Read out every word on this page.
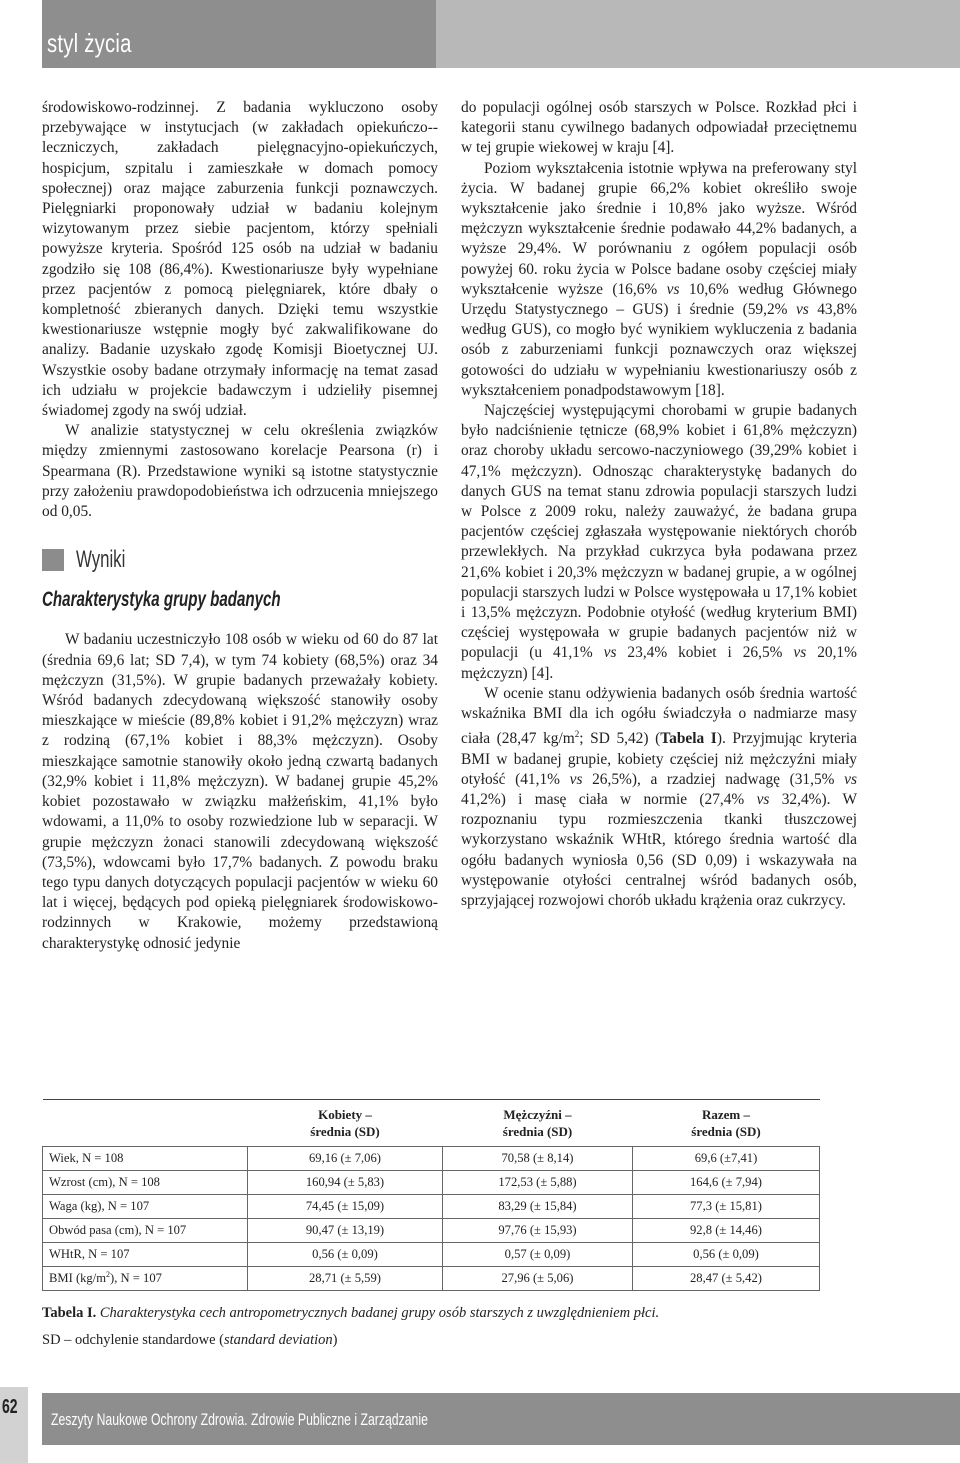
styl życia

środowiskowo-rodzinnej. Z badania wykluczono osoby przebywające w instytucjach (w zakładach opiekuńczo--leczniczych, zakładach pielęgnacyjno-opiekuńczych, hospicjum, szpitalu i zamieszkałe w domach pomocy społecznej) oraz mające zaburzenia funkcji poznawczych. Pielęgniarki proponowały udział w badaniu kolejnym wizytowanym przez siebie pacjentom, którzy spełniali powyższe kryteria. Spośród 125 osób na udział w badaniu zgodziło się 108 (86,4%). Kwestionariusze były wypełniane przez pacjentów z pomocą pielęgniarek, które dbały o kompletność zbieranych danych. Dzięki temu wszystkie kwestionariusze wstępnie mogły być zakwalifikowane do analizy. Badanie uzyskało zgodę Komisji Bioetycznej UJ. Wszystkie osoby badane otrzymały informację na temat zasad ich udziału w projekcie badawczym i udzieliły pisemnej świadomej zgody na swój udział.

W analizie statystycznej w celu określenia związków między zmiennymi zastosowano korelacje Pearsona (r) i Spearmana (R). Przedstawione wyniki są istotne statystycznie przy założeniu prawdopodobieństwa ich odrzucenia mniejszego od 0,05.

Wyniki
Charakterystyka grupy badanych

W badaniu uczestniczyło 108 osób w wieku od 60 do 87 lat (średnia 69,6 lat; SD 7,4), w tym 74 kobiety (68,5%) oraz 34 mężczyzn (31,5%). W grupie badanych przeważały kobiety. Wśród badanych zdecydowaną większość stanowiły osoby mieszkające w mieście (89,8% kobiet i 91,2% mężczyzn) wraz z rodziną (67,1% kobiet i 88,3% mężczyzn). Osoby mieszkające samotnie stanowiły około jedną czwartą badanych (32,9% kobiet i 11,8% mężczyzn). W badanej grupie 45,2% kobiet pozostawało w związku małżeńskim, 41,1% było wdowami, a 11,0% to osoby rozwiedzione lub w separacji. W grupie mężczyzn żonaci stanowili zdecydowaną większość (73,5%), wdowcami było 17,7% badanych. Z powodu braku tego typu danych dotyczących populacji pacjentów w wieku 60 lat i więcej, będących pod opieką pielęgniarek środowiskowo-rodzinnych w Krakowie, możemy przedstawioną charakterystykę odnosić jedynie

do populacji ogólnej osób starszych w Polsce. Rozkład płci i kategorii stanu cywilnego badanych odpowiadał przeciętnemu w tej grupie wiekowej w kraju [4].

Poziom wykształcenia istotnie wpływa na preferowany styl życia. W badanej grupie 66,2% kobiet określiło swoje wykształcenie jako średnie i 10,8% jako wyższe. Wśród mężczyzn wykształcenie średnie podawało 44,2% badanych, a wyższe 29,4%. W porównaniu z ogółem populacji osób powyżej 60. roku życia w Polsce badane osoby częściej miały wykształcenie wyższe (16,6% vs 10,6% według Głównego Urzędu Statystycznego – GUS) i średnie (59,2% vs 43,8% według GUS), co mogło być wynikiem wykluczenia z badania osób z zaburzeniami funkcji poznawczych oraz większej gotowości do udziału w wypełnianiu kwestionariuszy osób z wykształceniem ponadpodstawowym [18].

Najczęściej występującymi chorobami w grupie badanych było nadciśnienie tętnicze (68,9% kobiet i 61,8% mężczyzn) oraz choroby układu sercowo-naczyniowego (39,29% kobiet i 47,1% mężczyzn). Odnosząc charakterystykę badanych do danych GUS na temat stanu zdrowia populacji starszych ludzi w Polsce z 2009 roku, należy zauważyć, że badana grupa pacjentów częściej zgłaszała występowanie niektórych chorób przewlekłych. Na przykład cukrzyca była podawana przez 21,6% kobiet i 20,3% mężczyzn w badanej grupie, a w ogólnej populacji starszych ludzi w Polsce występowała u 17,1% kobiet i 13,5% mężczyzn. Podobnie otyłość (według kryterium BMI) częściej występowała w grupie badanych pacjentów niż w populacji (u 41,1% vs 23,4% kobiet i 26,5% vs 20,1% mężczyzn) [4].

W ocenie stanu odżywienia badanych osób średnia wartość wskaźnika BMI dla ich ogółu świadczyła o nadmiarze masy ciała (28,47 $kg/m^2$; SD 5,42) (Tabela I). Przyjmując kryteria BMI w badanej grupie, kobiety częściej niż mężczyźni miały otyłość (41,1% vs 26,5%), a rzadziej nadwagę (31,5% vs 41,2%) i masę ciała w normie (27,4% vs 32,4%). W rozpoznaniu typu rozmieszczenia tkanki tłuszczowej wykorzystano wskaźnik WHtR, którego średnia wartość dla ogółu badanych wyniosła 0,56 (SD 0,09) i wskazywała na występowanie otyłości centralnej wśród badanych osób, sprzyjającej rozwojowi chorób układu krążenia oraz cukrzycy.

	Kobiety –
średnia (SD)	Mężczyźni –
średnia (SD)	Razem –
średnia (SD)
Wiek, N = 108	69,16 (± 7,06)	70,58 (± 8,14)	69,6 (±7,41)
Wzrost (cm), N = 108	160,94 (± 5,83)	172,53 (± 5,88)	164,6 (± 7,94)
Waga (kg), N = 107	74,45 (± 15,09)	83,29 (± 15,84)	77,3 (± 15,81)
Obwód pasa (cm), N = 107	90,47 (± 13,19)	97,76 (± 15,93)	92,8 (± 14,46)
WHtR, N = 107	0,56 (± 0,09)	0,57 (± 0,09)	0,56 (± 0,09)
BMI $(kg/m^2)$, N = 107	28,71 (± 5,59)	27,96 (± 5,06)	28,47 (± 5,42)
Tabela I. Charakterystyka cech antropometrycznych badanej grupy osób starszych z uwzględnieniem płci.
SD – odchylenie standardowe (standard deviation)
62
Zeszyty Naukowe Ochrony Zdrowia. Zdrowie Publiczne i Zarządzanie
